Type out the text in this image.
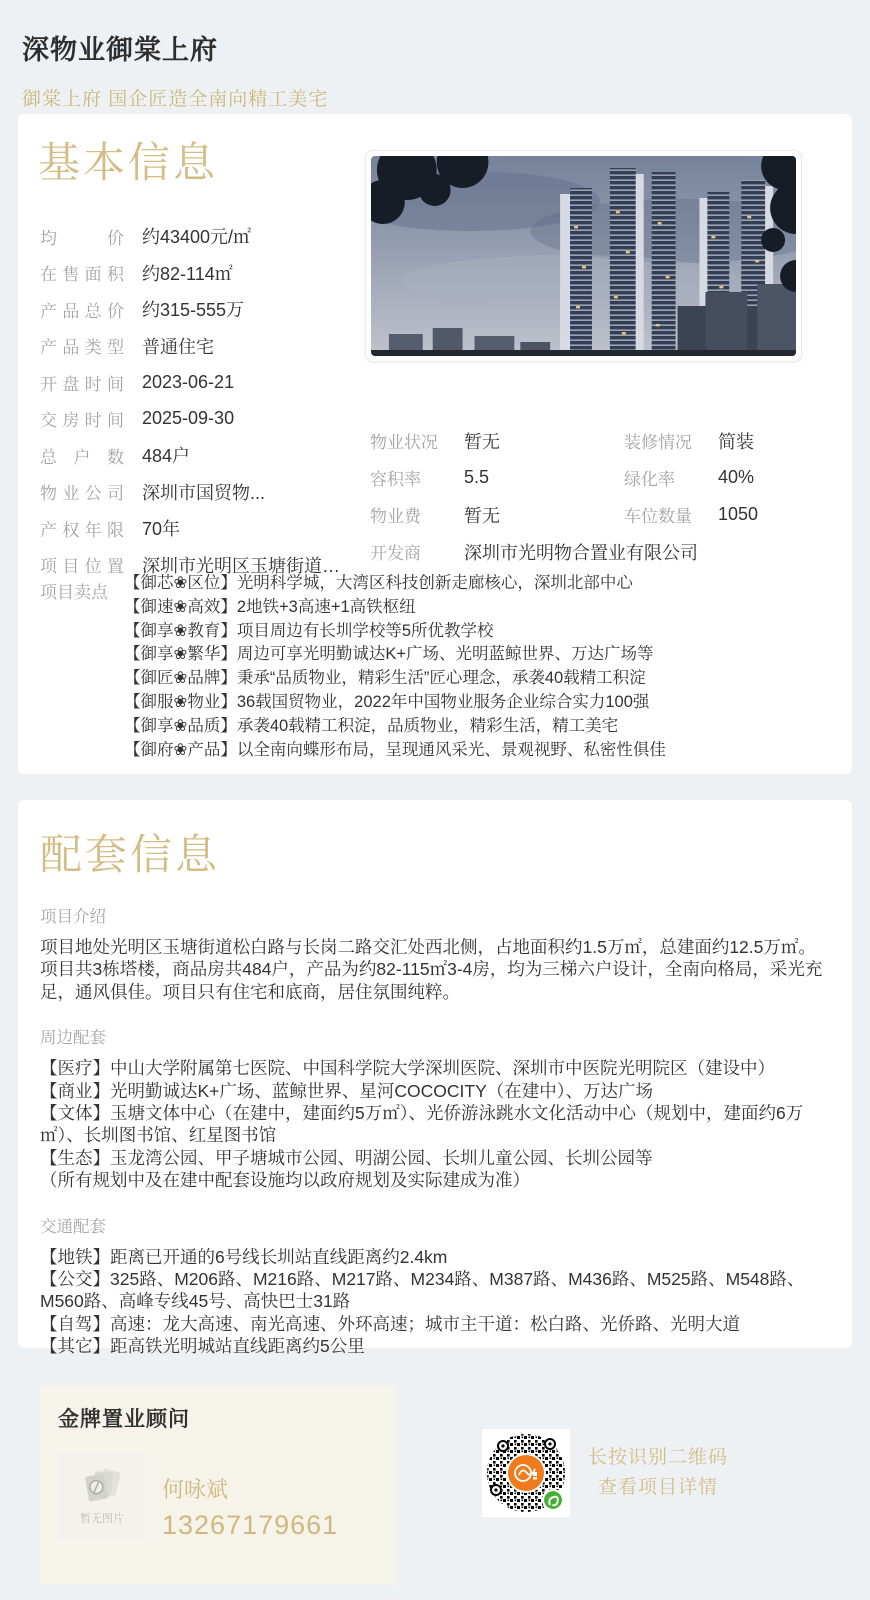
深物业御棠上府
御棠上府 国企匠造全南向精工美宅
基本信息
均价 约43400元/㎡
在售面积 约82-114㎡
产品总价 约315-555万
产品类型 普通住宅
开盘时间 2023-06-21
交房时间 2025-09-30
总户数 484户
物业公司 深圳市国贸物...
产权年限 70年
项目位置 深圳市光明区玉塘街道…
物业状况	暂无	装修情况	简装
容积率	5.5	绿化率	40%
物业费	暂无	车位数量	1050
开发商	深圳市光明物合置业有限公司
项目卖点 【御芯❀区位】光明科学城，大湾区科技创新走廊核心，深圳北部中心
【御速❀高效】2地铁+3高速+1高铁枢纽
【御享❀教育】项目周边有长圳学校等5所优教学校
【御享❀繁华】周边可享光明勤诚达K+广场、光明蓝鲸世界、万达广场等
【御匠❀品牌】秉承“品质物业，精彩生活”匠心理念，承袭40载精工积淀
【御服❀物业】36载国贸物业，2022年中国物业服务企业综合实力100强
【御享❀品质】承袭40载精工积淀，品质物业，精彩生活，精工美宅
【御府❀产品】以全南向蝶形布局，呈现通风采光、景观视野、私密性俱佳
配套信息
项目介绍

项目地处光明区玉塘街道松白路与长岗二路交汇处西北侧，占地面积约1.5万㎡，总建面约12.5万㎡。项目共3栋塔楼，商品房共484户，产品为约82-115㎡3-4房，均为三梯六户设计，全南向格局，采光充足，通风俱佳。项目只有住宅和底商，居住氛围纯粹。

周边配套

【医疗】中山大学附属第七医院、中国科学院大学深圳医院、深圳市中医院光明院区（建设中）

【商业】光明勤诚达K+广场、蓝鲸世界、星河COCOCITY（在建中）、万达广场

【文体】玉塘文体中心（在建中，建面约5万㎡）、光侨游泳跳水文化活动中心（规划中，建面约6万㎡）、长圳图书馆、红星图书馆

【生态】玉龙湾公园、甲子塘城市公园、明湖公园、长圳儿童公园、长圳公园等

（所有规划中及在建中配套设施均以政府规划及实际建成为准）

交通配套

【地铁】距离已开通的6号线长圳站直线距离约2.4km

【公交】325路、M206路、M216路、M217路、M234路、M387路、M436路、M525路、M548路、M560路、高峰专线45号、高快巴士31路

【自驾】高速：龙大高速、南光高速、外环高速；城市主干道：松白路、光侨路、光明大道

【其它】距高铁光明城站直线距离约5公里

金牌置业顾问
暂无图片
何咏斌
13267179661
长按识别二维码
查看项目详情
